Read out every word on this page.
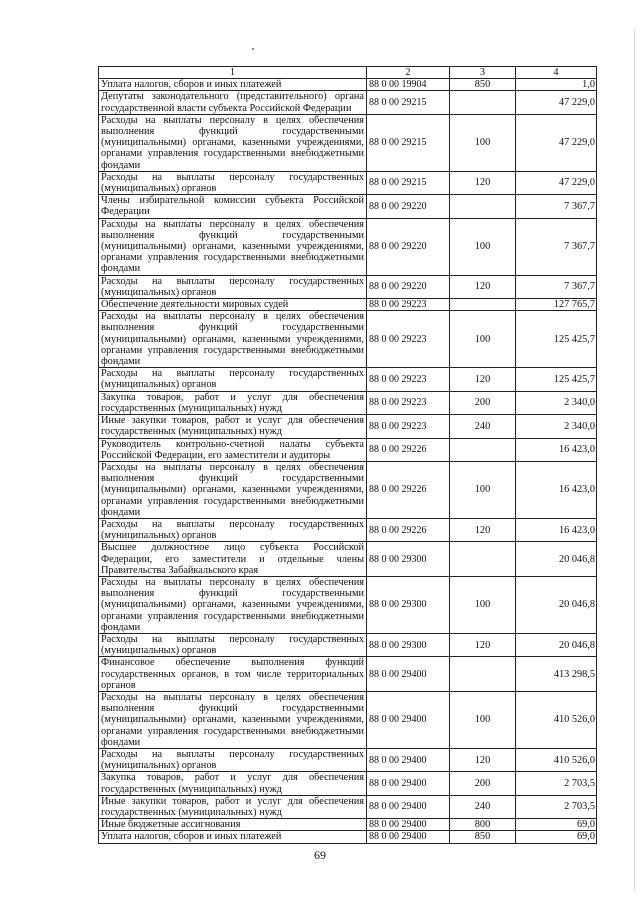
1	2	3	4
Уплата налогов, сборов и иных платежей	88 0 00 19904	850	1,0
Депутаты законодательного (представительного) органа государственной власти субъекта Российской Федерации	88 0 00 29215		47 229,0
Расходы на выплаты персоналу в целях обеспечения выполнения функций государственными (муниципальными) органами, казенными учреждениями, органами управления государственными внебюджетными фондами	88 0 00 29215	100	47 229,0
Расходы на выплаты персоналу государственных (муниципальных) органов	88 0 00 29215	120	47 229,0
Члены избирательной комиссии субъекта Российской Федерации	88 0 00 29220		7 367,7
Расходы на выплаты персоналу в целях обеспечения выполнения функций государственными (муниципальными) органами, казенными учреждениями, органами управления государственными внебюджетными фондами	88 0 00 29220	100	7 367,7
Расходы на выплаты персоналу государственных (муниципальных) органов	88 0 00 29220	120	7 367,7
Обеспечение деятельности мировых судей	88 0 00 29223		127 765,7
Расходы на выплаты персоналу в целях обеспечения выполнения функций государственными (муниципальными) органами, казенными учреждениями, органами управления государственными внебюджетными фондами	88 0 00 29223	100	125 425,7
Расходы на выплаты персоналу государственных (муниципальных) органов	88 0 00 29223	120	125 425,7
Закупка товаров, работ и услуг для обеспечения государственных (муниципальных) нужд	88 0 00 29223	200	2 340,0
Иные закупки товаров, работ и услуг для обеспечения государственных (муниципальных) нужд	88 0 00 29223	240	2 340,0
Руководитель контрольно-счетной палаты субъекта Российской Федерации, его заместители и аудиторы	88 0 00 29226		16 423,0
Расходы на выплаты персоналу в целях обеспечения выполнения функций государственными (муниципальными) органами, казенными учреждениями, органами управления государственными внебюджетными фондами	88 0 00 29226	100	16 423,0
Расходы на выплаты персоналу государственных (муниципальных) органов	88 0 00 29226	120	16 423,0
Высшее должностное лицо субъекта Российской Федерации, его заместители и отдельные члены Правительства Забайкальского края	88 0 00 29300		20 046,8
Расходы на выплаты персоналу в целях обеспечения выполнения функций государственными (муниципальными) органами, казенными учреждениями, органами управления государственными внебюджетными фондами	88 0 00 29300	100	20 046,8
Расходы на выплаты персоналу государственных (муниципальных) органов	88 0 00 29300	120	20 046,8
Финансовое обеспечение выполнения функций государственных органов, в том числе территориальных органов	88 0 00 29400		413 298,5
Расходы на выплаты персоналу в целях обеспечения выполнения функций государственными (муниципальными) органами, казенными учреждениями, органами управления государственными внебюджетными фондами	88 0 00 29400	100	410 526,0
Расходы на выплаты персоналу государственных (муниципальных) органов	88 0 00 29400	120	410 526,0
Закупка товаров, работ и услуг для обеспечения государственных (муниципальных) нужд	88 0 00 29400	200	2 703,5
Иные закупки товаров, работ и услуг для обеспечения государственных (муниципальных) нужд	88 0 00 29400	240	2 703,5
Иные бюджетные ассигнования	88 0 00 29400	800	69,0
Уплата налогов, сборов и иных платежей	88 0 00 29400	850	69,0
69
